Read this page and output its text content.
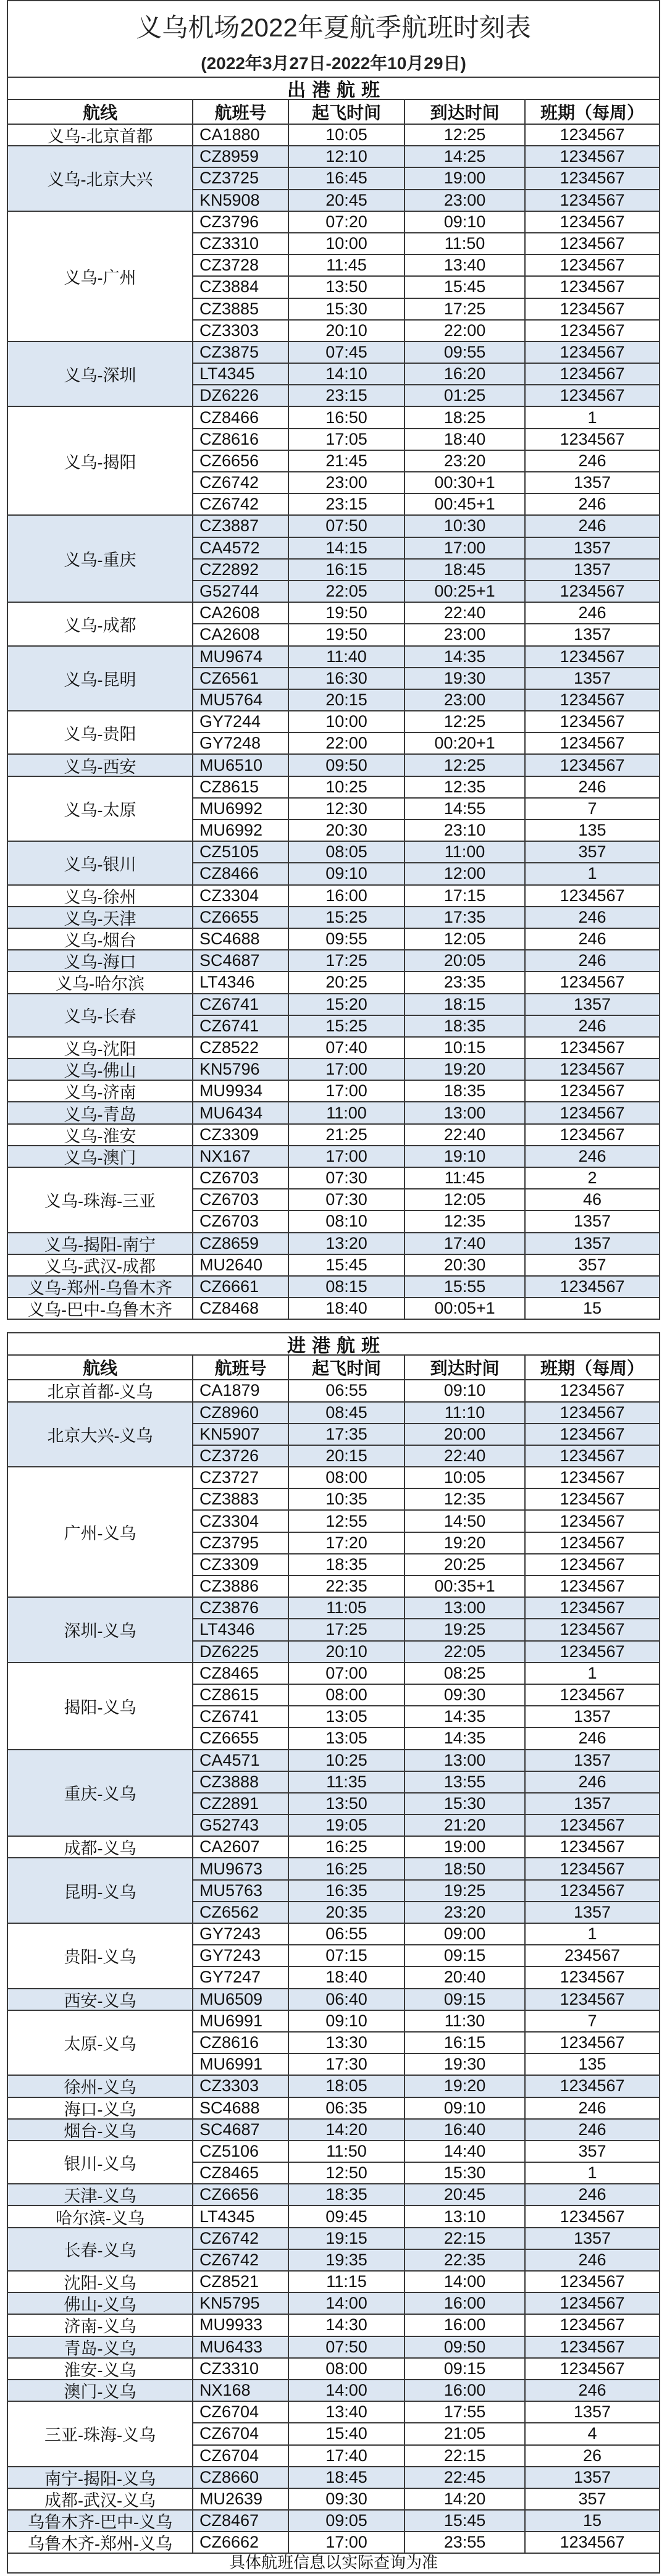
义乌机场2022年夏航季航班时刻表
(2022年3月27日-2022年10月29日)
出港航班
航线	航班号	起飞时间	到达时间	班期（每周）
义乌-北京首都	CA1880	10:05	12:25	1234567
义乌-北京大兴
CZ8959	12:10	14:25	1234567
CZ3725	16:45	19:00	1234567
KN5908	20:45	23:00	1234567
义乌-广州
CZ3796	07:20	09:10	1234567
CZ3310	10:00	11:50	1234567
CZ3728	11:45	13:40	1234567
CZ3884	13:50	15:45	1234567
CZ3885	15:30	17:25	1234567
CZ3303	20:10	22:00	1234567
义乌-深圳
CZ3875	07:45	09:55	1234567
LT4345	14:10	16:20	1234567
DZ6226	23:15	01:25	1234567
义乌-揭阳
CZ8466	16:50	18:25	1
CZ8616	17:05	18:40	1234567
CZ6656	21:45	23:20	246
CZ6742	23:00	00:30+1	1357
CZ6742	23:15	00:45+1	246
义乌-重庆
CZ3887	07:50	10:30	246
CA4572	14:15	17:00	1357
CZ2892	16:15	18:45	1357
G52744	22:05	00:25+1	1234567
义乌-成都
CA2608	19:50	22:40	246
CA2608	19:50	23:00	1357
义乌-昆明
MU9674	11:40	14:35	1234567
CZ6561	16:30	19:30	1357
MU5764	20:15	23:00	1234567
义乌-贵阳
GY7244	10:00	12:25	1234567
GY7248	22:00	00:20+1	1234567
义乌-西安	MU6510	09:50	12:25	1234567
义乌-太原
CZ8615	10:25	12:35	246
MU6992	12:30	14:55	7
MU6992	20:30	23:10	135
义乌-银川
CZ5105	08:05	11:00	357
CZ8466	09:10	12:00	1
义乌-徐州	CZ3304	16:00	17:15	1234567
义乌-天津	CZ6655	15:25	17:35	246
义乌-烟台	SC4688	09:55	12:05	246
义乌-海口	SC4687	17:25	20:05	246
义乌-哈尔滨	LT4346	20:25	23:35	1234567
义乌-长春
CZ6741	15:20	18:15	1357
CZ6741	15:25	18:35	246
义乌-沈阳	CZ8522	07:40	10:15	1234567
义乌-佛山	KN5796	17:00	19:20	1234567
义乌-济南	MU9934	17:00	18:35	1234567
义乌-青岛	MU6434	11:00	13:00	1234567
义乌-淮安	CZ3309	21:25	22:40	1234567
义乌-澳门	NX167	17:00	19:10	246
义乌-珠海-三亚
CZ6703	07:30	11:45	2
CZ6703	07:30	12:05	46
CZ6703	08:10	12:35	1357
义乌-揭阳-南宁	CZ8659	13:20	17:40	1357
义乌-武汉-成都	MU2640	15:45	20:30	357
义乌-郑州-乌鲁木齐	CZ6661	08:15	15:55	1234567
义乌-巴中-乌鲁木齐	CZ8468	18:40	00:05+1	15
进港航班
航线	航班号	起飞时间	到达时间	班期（每周）
北京首都-义乌	CA1879	06:55	09:10	1234567
北京大兴-义乌
CZ8960	08:45	11:10	1234567
KN5907	17:35	20:00	1234567
CZ3726	20:15	22:40	1234567
广州-义乌
CZ3727	08:00	10:05	1234567
CZ3883	10:35	12:35	1234567
CZ3304	12:55	14:50	1234567
CZ3795	17:20	19:20	1234567
CZ3309	18:35	20:25	1234567
CZ3886	22:35	00:35+1	1234567
深圳-义乌
CZ3876	11:05	13:00	1234567
LT4346	17:25	19:25	1234567
DZ6225	20:10	22:05	1234567
揭阳-义乌
CZ8465	07:00	08:25	1
CZ8615	08:00	09:30	1234567
CZ6741	13:05	14:35	1357
CZ6655	13:05	14:35	246
重庆-义乌
CA4571	10:25	13:00	1357
CZ3888	11:35	13:55	246
CZ2891	13:50	15:30	1357
G52743	19:05	21:20	1234567
成都-义乌	CA2607	16:25	19:00	1234567
昆明-义乌
MU9673	16:25	18:50	1234567
MU5763	16:35	19:25	1234567
CZ6562	20:35	23:20	1357
贵阳-义乌
GY7243	06:55	09:00	1
GY7243	07:15	09:15	234567
GY7247	18:40	20:40	1234567
西安-义乌	MU6509	06:40	09:15	1234567
太原-义乌
MU6991	09:10	11:30	7
CZ8616	13:30	16:15	1234567
MU6991	17:30	19:30	135
徐州-义乌	CZ3303	18:05	19:20	1234567
海口-义乌	SC4688	06:35	09:10	246
烟台-义乌	SC4687	14:20	16:40	246
银川-义乌
CZ5106	11:50	14:40	357
CZ8465	12:50	15:30	1
天津-义乌	CZ6656	18:35	20:45	246
哈尔滨-义乌	LT4345	09:45	13:10	1234567
长春-义乌
CZ6742	19:15	22:15	1357
CZ6742	19:35	22:35	246
沈阳-义乌	CZ8521	11:15	14:00	1234567
佛山-义乌	KN5795	14:00	16:00	1234567
济南-义乌	MU9933	14:30	16:00	1234567
青岛-义乌	MU6433	07:50	09:50	1234567
淮安-义乌	CZ3310	08:00	09:15	1234567
澳门-义乌	NX168	14:00	16:00	246
三亚-珠海-义乌
CZ6704	13:40	17:55	1357
CZ6704	15:40	21:05	4
CZ6704	17:40	22:15	26
南宁-揭阳-义乌	CZ8660	18:45	22:45	1357
成都-武汉-义乌	MU2639	09:30	14:20	357
乌鲁木齐-巴中-义乌	CZ8467	09:05	15:45	15
乌鲁木齐-郑州-义乌	CZ6662	17:00	23:55	1234567
具体航班信息以实际查询为准
